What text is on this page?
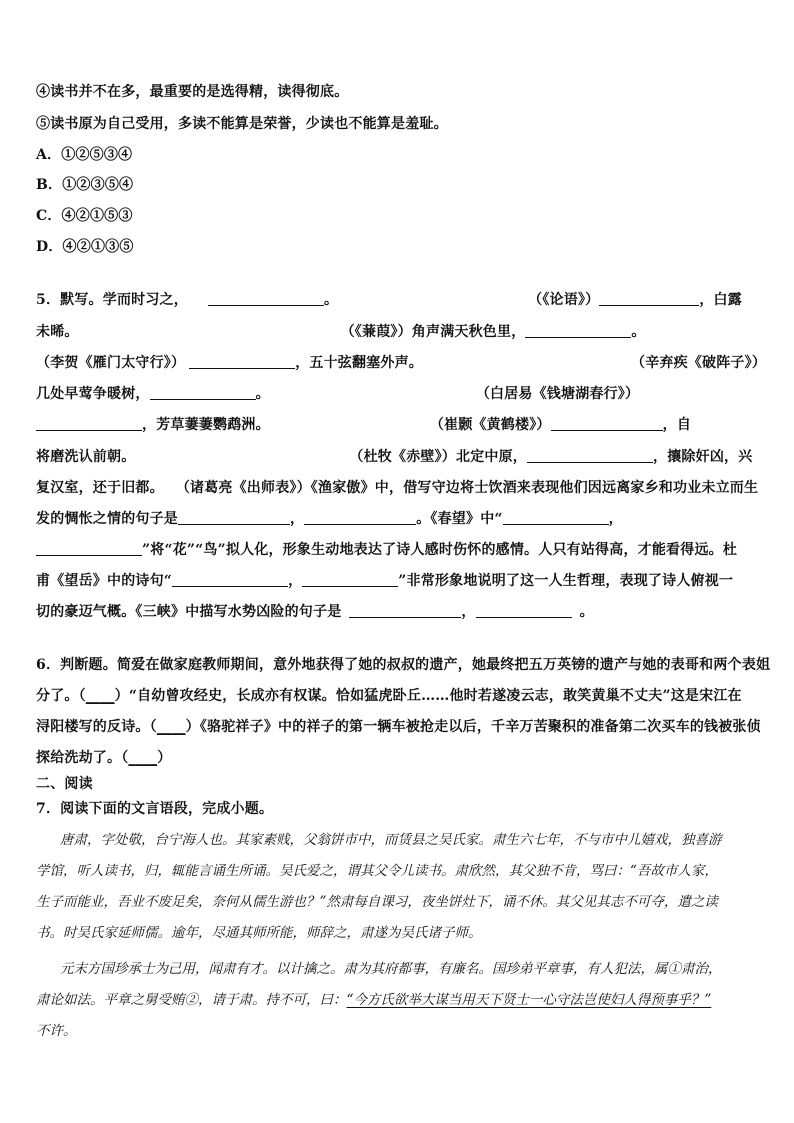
④读书并不在多，最重要的是选得精，读得彻底。
⑤读书原为自己受用，多读不能算是荣誉，少读也不能算是羞耻。
A．①②⑤③④
B．①②③⑤④
C．④②①⑤③
D．④②①③⑤
5．默写。学而时习之，	。	（《论语》）	，白露
未晞。	（《蒹葭》）角声满天秋色里，	。
（李贺《雁门太守行》）	，五十弦翻塞外声。	（辛弃疾《破阵子》）
几处早莺争暖树，	。	（白居易《钱塘湖春行》）
，芳草萋萋鹦鹉洲。	（崔颢《黄鹤楼》）	，自
将磨洗认前朝。	（杜牧《赤壁》）北定中原，	，攘除奸凶，兴
复汉室，还于旧都。 （诸葛亮《出师表》）《渔家傲》中，借写守边将士饮酒来表现他们因远离家乡和功业未立而生
发的惆怅之情的句子是	，	。《春望》中“	，
”将“花”“鸟”拟人化，形象生动地表达了诗人感时伤怀的感情。人只有站得高，才能看得远。杜
甫《望岳》中的诗句“	，	”非常形象地说明了这一人生哲理，表现了诗人俯视一
切的豪迈气概。《三峡》中描写水势凶险的句子是	，	。
6．判断题。简爱在做家庭教师期间，意外地获得了她的叔叔的遗产，她最终把五万英镑的遗产与她的表哥和两个表姐
分了。（____）“自幼曾攻经史，长成亦有权谋。恰如猛虎卧丘……他时若遂凌云志，敢笑黄巢不丈夫”这是宋江在
浔阳楼写的反诗。（____）《骆驼祥子》中的祥子的第一辆车被抢走以后，千辛万苦聚积的准备第二次买车的钱被张侦
探给洗劫了。（____）
二、阅读
7．阅读下面的文言语段，完成小题。
唐肃，字处敬，台宁海人也。其家素贱，父翁饼市中，而赁县之吴氏家。肃生六七年，不与市中儿嬉戏，独喜游
学馆，听人读书，归，辄能言诵生所诵。吴氏爱之，谓其父令儿读书。肃欣然，其父独不肯，骂曰：“吾故市人家，
生子而能业，吾业不废足矣，奈何从儒生游也？”然肃每自课习，夜坐饼灶下，诵不休。其父见其志不可夺，遣之读
书。时吴氏家延师儒。逾年，尽通其师所能，师辞之，肃遂为吴氏诸子师。
元末方国珍承士为己用，闻肃有才。以计擒之。肃为其府都事，有廉名。国珍弟平章事，有人犯法，属①肃治，
肃论如法。平章之舅受贿②，请于肃。持不可，曰：“今方氏欲举大谋当用天下贤士一心守法岂使妇人得预事乎？”
不许。
